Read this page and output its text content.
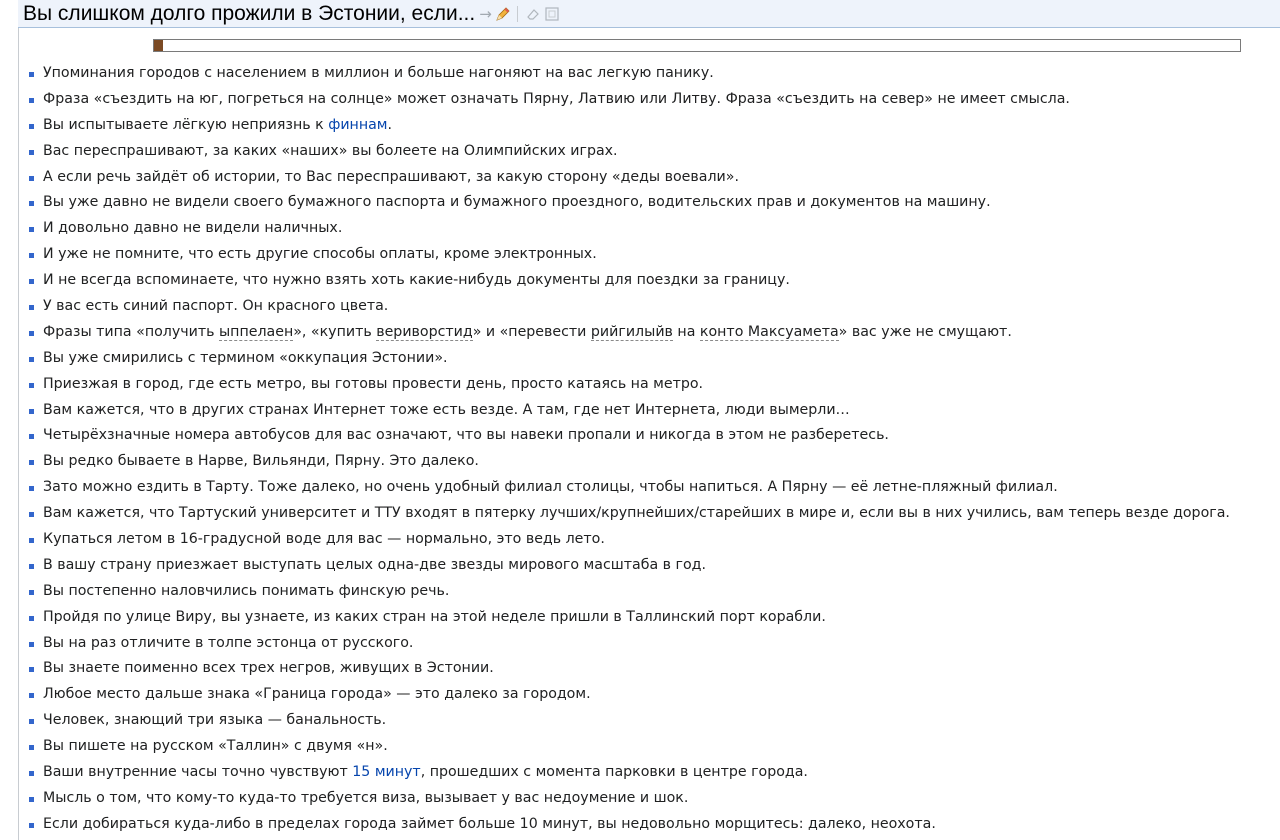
Вы слишком долго прожили в Эстонии, если... →
Упоминания городов с населением в миллион и больше нагоняют на вас легкую панику.
Фраза «съездить на юг, погреться на солнце» может означать Пярну, Латвию или Литву. Фраза «съездить на север» не имеет смысла.
Вы испытываете лёгкую неприязнь к финнам.
Вас переспрашивают, за каких «наших» вы болеете на Олимпийских играх.
А если речь зайдёт об истории, то Вас переспрашивают, за какую сторону «деды воевали».
Вы уже давно не видели своего бумажного паспорта и бумажного проездного, водительских прав и документов на машину.
И довольно давно не видели наличных.
И уже не помните, что есть другие способы оплаты, кроме электронных.
И не всегда вспоминаете, что нужно взять хоть какие-нибудь документы для поездки за границу.
У вас есть синий паспорт. Он красного цвета.
Фразы типа «получить ыппелаен», «купить вериворстид» и «перевести рийгилыйв на конто Максуамета» вас уже не смущают.
Вы уже смирились с термином «оккупация Эстонии».
Приезжая в город, где есть метро, вы готовы провести день, просто катаясь на метро.
Вам кажется, что в других странах Интернет тоже есть везде. А там, где нет Интернета, люди вымерли…
Четырёхзначные номера автобусов для вас означают, что вы навеки пропали и никогда в этом не разберетесь.
Вы редко бываете в Нарве, Вильянди, Пярну. Это далеко.
Зато можно ездить в Тарту. Тоже далеко, но очень удобный филиал столицы, чтобы напиться. А Пярну — её летне-пляжный филиал.
Вам кажется, что Тартуский университет и ТТУ входят в пятерку лучших/крупнейших/старейших в мире и, если вы в них учились, вам теперь везде дорога.
Купаться летом в 16-градусной воде для вас — нормально, это ведь лето.
В вашу страну приезжает выступать целых одна-две звезды мирового масштаба в год.
Вы постепенно наловчились понимать финскую речь.
Пройдя по улице Виру, вы узнаете, из каких стран на этой неделе пришли в Таллинский порт корабли.
Вы на раз отличите в толпе эстонца от русского.
Вы знаете поименно всех трех негров, живущих в Эстонии.
Любое место дальше знака «Граница города» — это далеко за городом.
Человек, знающий три языка — банальность.
Вы пишете на русском «Таллин» с двумя «н».
Ваши внутренние часы точно чувствуют 15 минут, прошедших с момента парковки в центре города.
Мысль о том, что кому-то куда-то требуется виза, вызывает у вас недоумение и шок.
Если добираться куда-либо в пределах города займет больше 10 минут, вы недовольно морщитесь: далеко, неохота.
